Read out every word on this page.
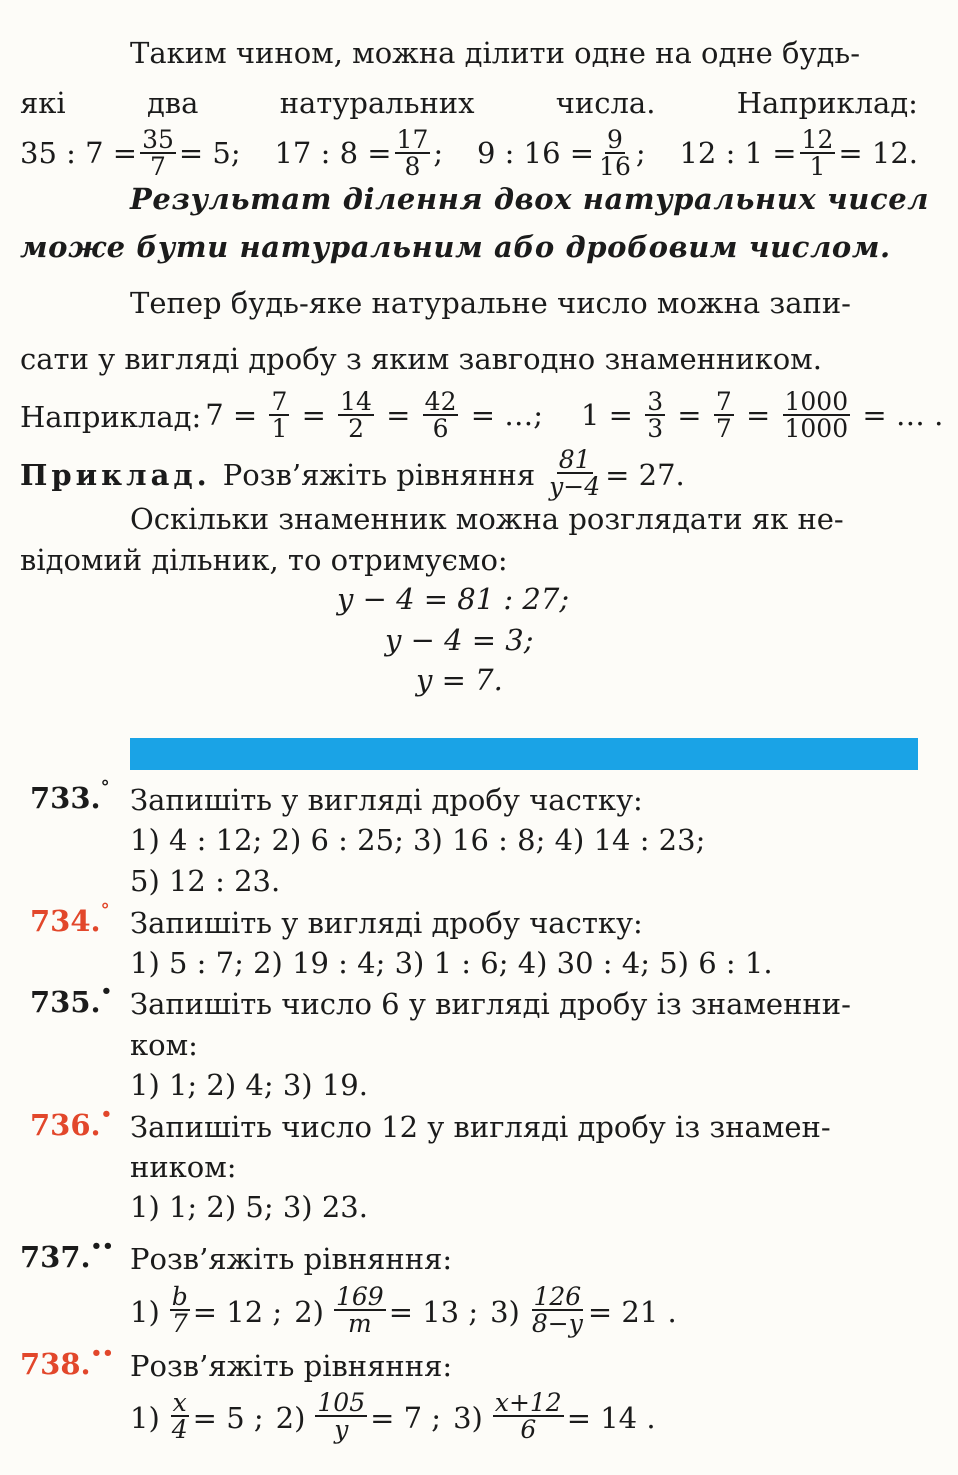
Таким чином, можна ділити одне на одне будь-
які	два	натуральних	числа.	Наприклад:
35 : $7 = \frac{35}{7} = 5$; 17 : $8 = \frac{17}{8}$ ; 9 : $16 = \frac{9}{16}$ ; 12 : $1 = \frac{12}{1} = 12$.
Результат ділення двох натуральних чисел
може бути натуральним або дробовим числом.
Тепер будь-яке натуральне число можна запи-
сати у вигляді дробу з яким завгодно знаменником.
Наприклад: $7 = \frac{7}{1} = \frac{14}{2} = \frac{42}{6}$ = …; $1 = \frac{3}{3} = \frac{7}{7} = \frac{1000}{1000}$ = … .
Приклад. Розв’яжіть рівняння $\frac{81}{y-4} = 27$.
Оскільки знаменник можна розглядати як не-
відомий дільник, то отримуємо:
y − 4 = 81 : 27;
y − 4 = 3;
y = 7.
733.° Запишіть у вигляді дробу частку:
1) 4 : 12; 2) 6 : 25; 3) 16 : 8; 4) 14 : 23;
5) 12 : 23.
734.° Запишіть у вигляді дробу частку:
1) 5 : 7; 2) 19 : 4; 3) 1 : 6; 4) 30 : 4; 5) 6 : 1.
735.• Запишіть число 6 у вигляді дробу із знаменни-
ком:
1) 1; 2) 4; 3) 19.
736.• Запишіть число 12 у вигляді дробу із знамен-
ником:
1) 1; 2) 5; 3) 23.
737.•• Розв’яжіть рівняння:
$1) \frac{b}{7} = 12$ ; $2) \frac{169}{m} = 13$ ; $3) \frac{126}{8-y} = 21$ .
738.•• Розв’яжіть рівняння:
$1) \frac{x}{4} = 5$ ; $2) \frac{105}{y} = 7$ ; $3) \frac{x+12}{6} = 14$ .
